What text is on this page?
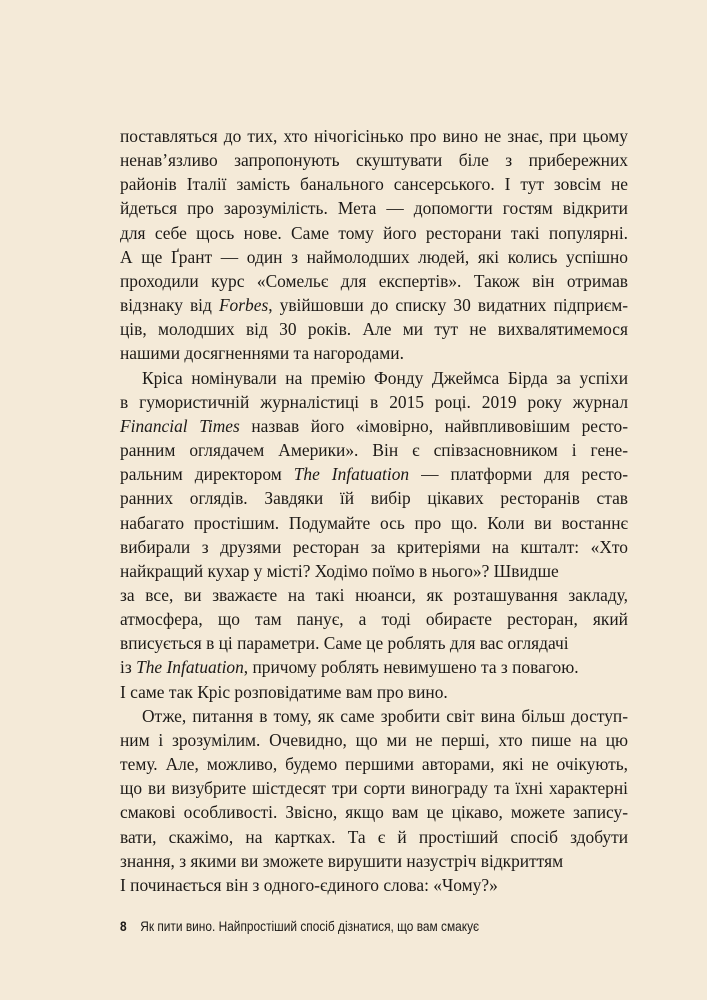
поставляться до тих, хто нічогісінько про вино не знає, при цьому
ненав’язливо запропонують скуштувати біле з прибережних
районів Італії замість банального сансерського. І тут зовсім не
йдеться про зарозумілість. Мета — допомогти гостям відкрити
для себе щось нове. Саме тому його ресторани такі популярні.
А ще Ґрант — один з наймолодших людей, які колись успішно
проходили курс «Сомельє для експертів». Також він отримав
відзнаку від Forbes, увійшовши до списку 30 видатних підприєм-
ців, молодших від 30 років. Але ми тут не вихвалятимемося
нашими досягненнями та нагородами.
Кріса номінували на премію Фонду Джеймса Бірда за успіхи
в гумористичній журналістиці в 2015 році. 2019 року журнал
Financial Times назвав його «імовірно, найвпливовішим ресто-
ранним оглядачем Америки». Він є співзасновником і гене-
ральним директором The Infatuation — платформи для ресто-
ранних оглядів. Завдяки їй вибір цікавих ресторанів став
набагато простішим. Подумайте ось про що. Коли ви востаннє
вибирали з друзями ресторан за критеріями на кшталт: «Хто
найкращий кухар у місті? Ходімо поїмо в нього»? Швидше
за все, ви зважаєте на такі нюанси, як розташування закладу,
атмосфера, що там панує, а тоді обираєте ресторан, який
вписується в ці параметри. Саме це роблять для вас оглядачі
із The Infatuation, причому роблять невимушено та з повагою.
І саме так Кріс розповідатиме вам про вино.
Отже, питання в тому, як саме зробити світ вина більш доступ-
ним і зрозумілим. Очевидно, що ми не перші, хто пише на цю
тему. Але, можливо, будемо першими авторами, які не очікують,
що ви визубрите шістдесят три сорти винограду та їхні характерні
смакові особливості. Звісно, якщо вам це цікаво, можете запису-
вати, скажімо, на картках. Та є й простіший спосіб здобути
знання, з якими ви зможете вирушити назустріч відкриттям
І починається він з одного-єдиного слова: «Чому?»
8 Як пити вино. Найпростіший спосіб дізнатися, що вам смакує
